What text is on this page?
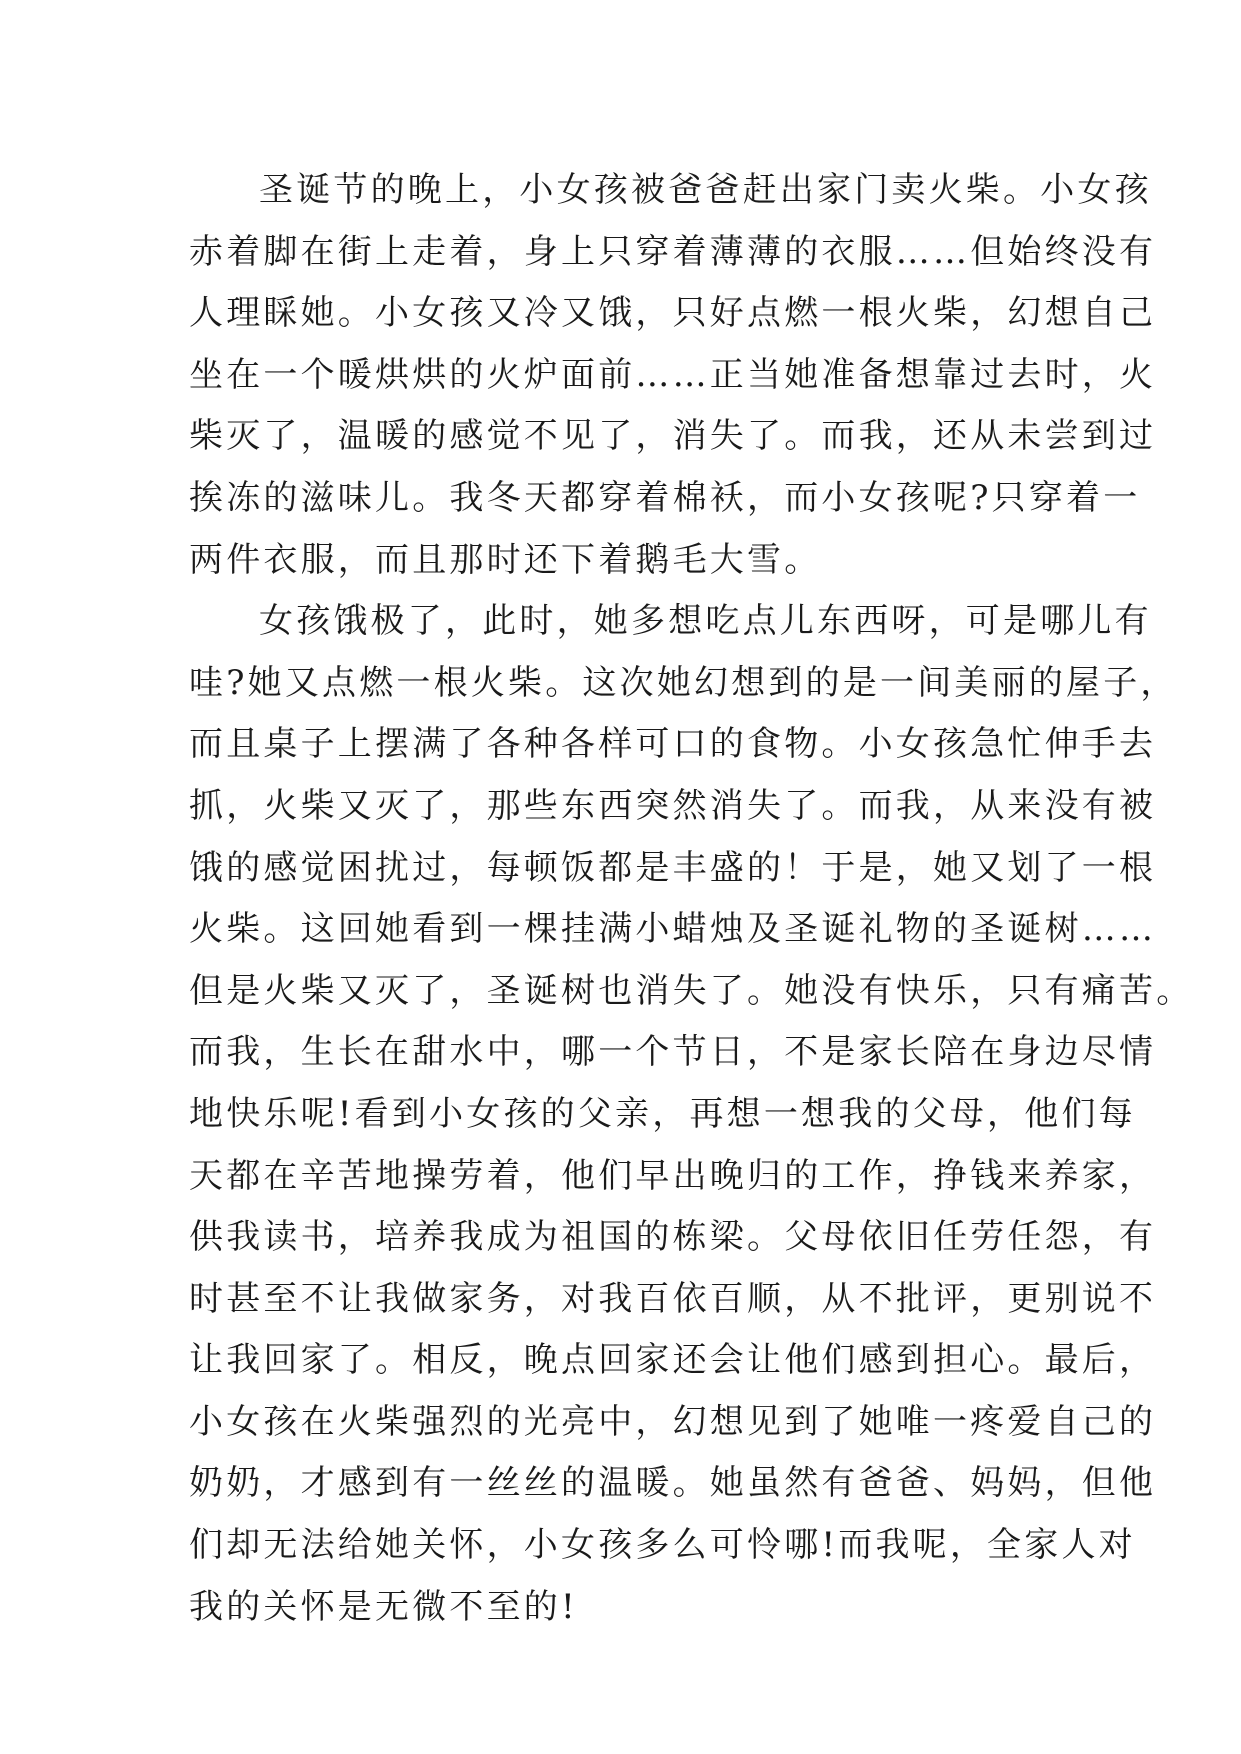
圣诞节的晚上，小女孩被爸爸赶出家门卖火柴。小女孩
赤着脚在街上走着，身上只穿着薄薄的衣服……但始终没有
人理睬她。小女孩又冷又饿，只好点燃一根火柴，幻想自己
坐在一个暖烘烘的火炉面前……正当她准备想靠过去时，火
柴灭了，温暖的感觉不见了，消失了。而我，还从未尝到过
挨冻的滋味儿。我冬天都穿着棉袄，而小女孩呢?只穿着一
两件衣服，而且那时还下着鹅毛大雪。
女孩饿极了，此时，她多想吃点儿东西呀，可是哪儿有
哇?她又点燃一根火柴。这次她幻想到的是一间美丽的屋子，
而且桌子上摆满了各种各样可口的食物。小女孩急忙伸手去
抓，火柴又灭了，那些东西突然消失了。而我，从来没有被
饿的感觉困扰过，每顿饭都是丰盛的！于是，她又划了一根
火柴。这回她看到一棵挂满小蜡烛及圣诞礼物的圣诞树……
但是火柴又灭了，圣诞树也消失了。她没有快乐，只有痛苦。
而我，生长在甜水中，哪一个节日，不是家长陪在身边尽情
地快乐呢!看到小女孩的父亲，再想一想我的父母，他们每
天都在辛苦地操劳着，他们早出晚归的工作，挣钱来养家，
供我读书，培养我成为祖国的栋梁。父母依旧任劳任怨，有
时甚至不让我做家务，对我百依百顺，从不批评，更别说不
让我回家了。相反，晚点回家还会让他们感到担心。最后，
小女孩在火柴强烈的光亮中，幻想见到了她唯一疼爱自己的
奶奶，才感到有一丝丝的温暖。她虽然有爸爸、妈妈，但他
们却无法给她关怀，小女孩多么可怜哪!而我呢，全家人对
我的关怀是无微不至的!
